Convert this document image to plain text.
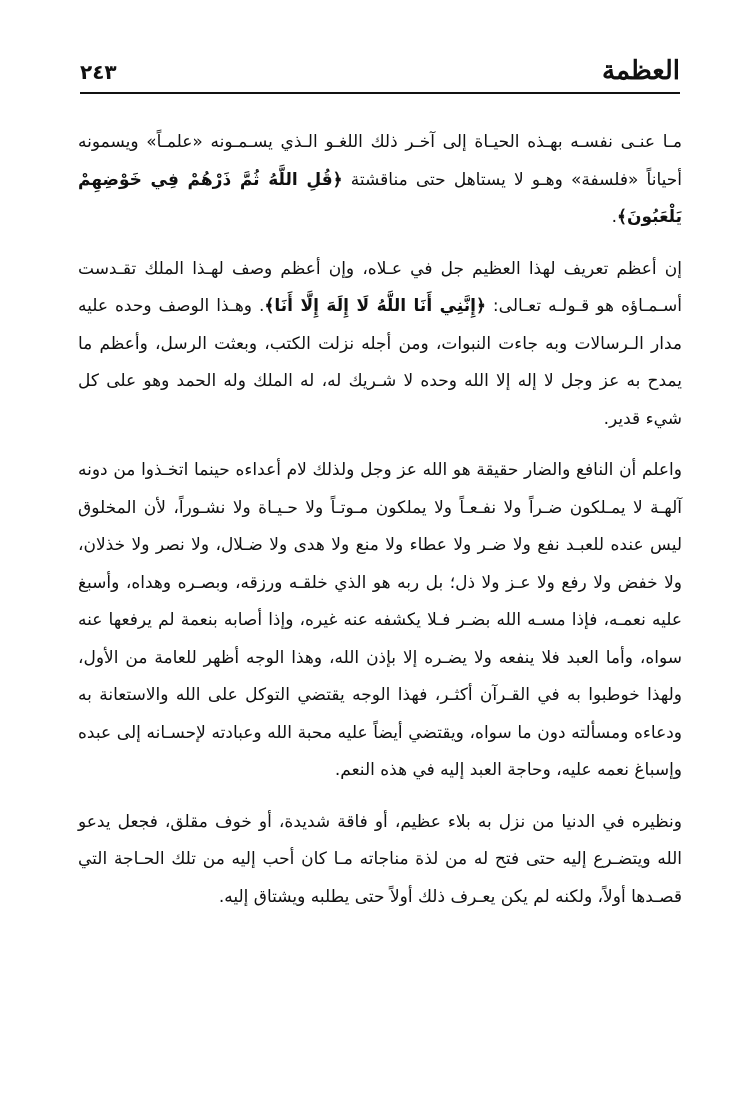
العظمة
٢٤٣

مـا عنـى نفسـه بهـذه الحيـاة إلى آخـر ذلك اللغـو الـذي يسـمـونه «علمـاً» ويسمونه أحياناً «فلسفة» وهـو لا يستاهل حتى مناقشتة ﴿قُلِ اللَّهُ ثُمَّ ذَرْهُمْ فِي خَوْضِهِمْ يَلْعَبُونَ﴾.

إن أعظم تعريف لهذا العظيم جل في عـلاه، وإن أعظم وصف لهـذا الملك تقـدست أسـمـاؤه هو قـولـه تعـالى: ﴿إِنَّنِي أَنَا اللَّهُ لَا إِلَهَ إِلَّا أَنَا﴾. وهـذا الوصف وحده عليه مدار الـرسالات وبه جاءت النبوات، ومن أجله نزلت الكتب، وبعثت الرسل، وأعظم ما يمدح به عز وجل لا إله إلا الله وحده لا شـريك له، له الملك وله الحمد وهو على كل شيء قدير.

واعلم أن النافع والضار حقيقة هو الله عز وجل ولذلك لام أعداءه حينما اتخـذوا من دونه آلهـة لا يمـلكون ضـراً ولا نفـعـاً ولا يملكون مـوتـاً ولا حـيـاة ولا نشـوراً، لأن المخلوق ليس عنده للعبـد نفع ولا ضـر ولا عطاء ولا منع ولا هدى ولا ضـلال، ولا نصر ولا خذلان، ولا خفض ولا رفع ولا عـز ولا ذل؛ بل ربه هو الذي خلقـه ورزقه، وبصـره وهداه، وأسبغ عليه نعمـه، فإذا مسـه الله بضـر فـلا يكشفه عنه غيره، وإذا أصابه بنعمة لم يرفعها عنه سواه، وأما العبد فلا ينفعه ولا يضـره إلا بإذن الله، وهذا الوجه أظهر للعامة من الأول، ولهذا خوطبوا به في القـرآن أكثـر، فهذا الوجه يقتضي التوكل على الله والاستعانة به ودعاءه ومسألته دون ما سواه، ويقتضي أيضاً عليه محبة الله وعبادته لإحسـانه إلى عبده وإسباغ نعمه عليه، وحاجة العبد إليه في هذه النعم.

ونظيره في الدنيا من نزل به بلاء عظيم، أو فاقة شديدة، أو خوف مقلق، فجعل يدعو الله ويتضـرع إليه حتى فتح له من لذة مناجاته مـا كان أحب إليه من تلك الحـاجة التي قصـدها أولاً، ولكنه لم يكن يعـرف ذلك أولاً حتى يطلبه ويشتاق إليه.
